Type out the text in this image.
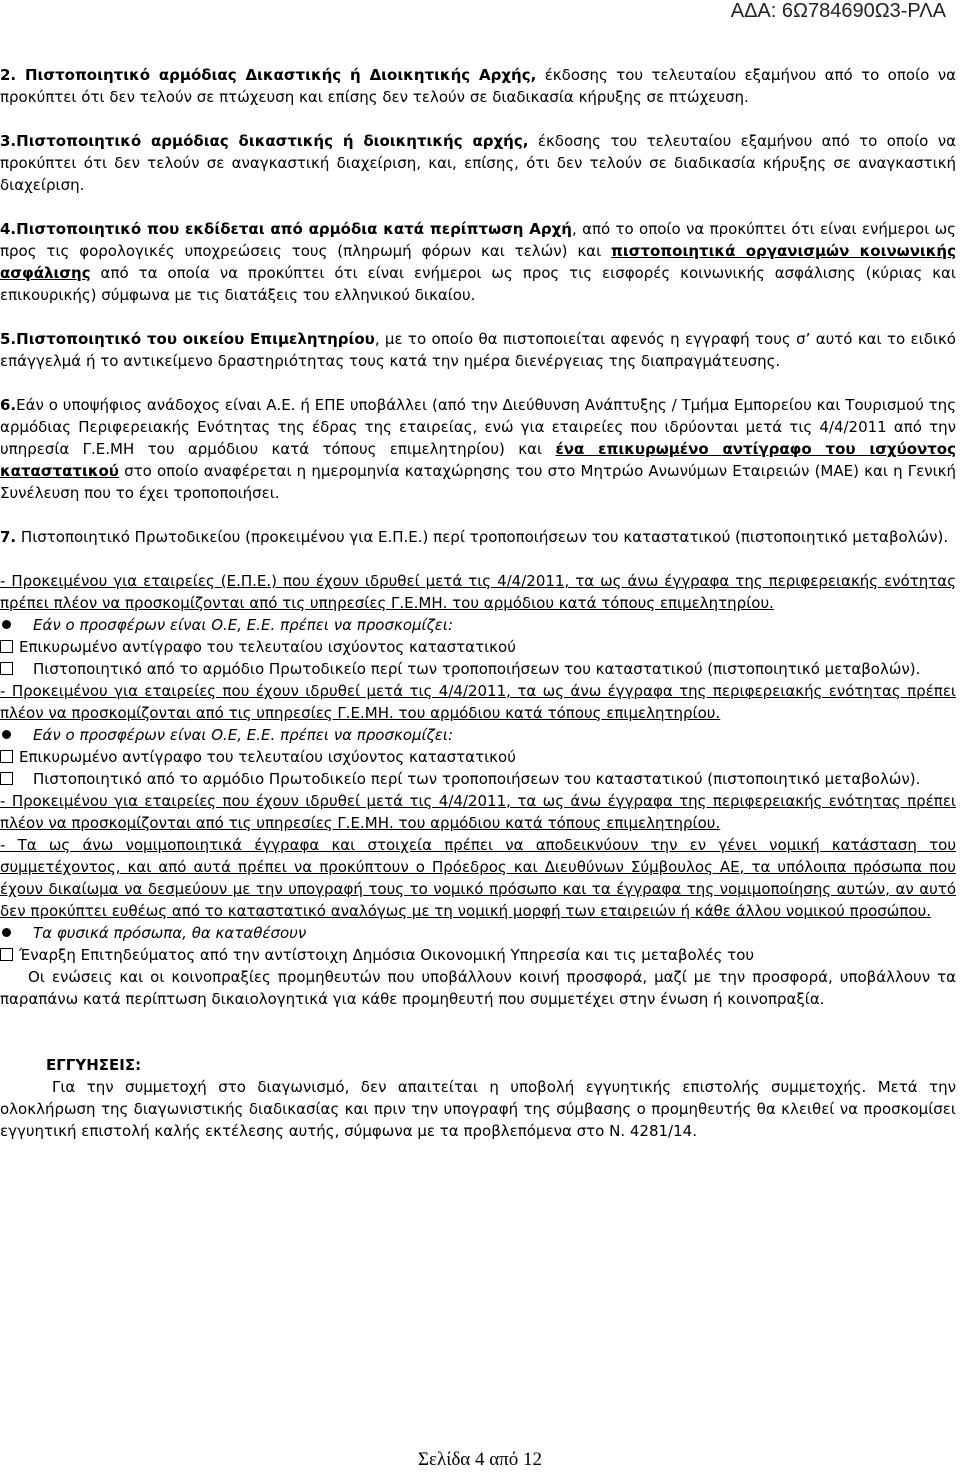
ΑΔΑ: 6Ω784690Ω3-ΡΛΑ

2. Πιστοποιητικό αρμόδιας Δικαστικής ή Διοικητικής Αρχής, έκδοσης του τελευταίου εξαμήνου από το οποίο να προκύπτει ότι δεν τελούν σε πτώχευση και επίσης δεν τελούν σε διαδικασία κήρυξης σε πτώχευση.

3.Πιστοποιητικό αρμόδιας δικαστικής ή διοικητικής αρχής, έκδοσης του τελευταίου εξαμήνου από το οποίο να προκύπτει ότι δεν τελούν σε αναγκαστική διαχείριση, και, επίσης, ότι δεν τελούν σε διαδικασία κήρυξης σε αναγκαστική διαχείριση.

4.Πιστοποιητικό που εκδίδεται από αρμόδια κατά περίπτωση Αρχή, από το οποίο να προκύπτει ότι είναι ενήμεροι ως προς τις φορολογικές υποχρεώσεις τους (πληρωμή φόρων και τελών) και πιστοποιητικά οργανισμών κοινωνικής ασφάλισης από τα οποία να προκύπτει ότι είναι ενήμεροι ως προς τις εισφορές κοινωνικής ασφάλισης (κύριας και επικουρικής) σύμφωνα με τις διατάξεις του ελληνικού δικαίου.

5.Πιστοποιητικό του οικείου Επιμελητηρίου, με το οποίο θα πιστοποιείται αφενός η εγγραφή τους σ’ αυτό και το ειδικό επάγγελμά ή το αντικείμενο δραστηριότητας τους κατά την ημέρα διενέργειας της διαπραγμάτευσης.

6.Εάν ο υποψήφιος ανάδοχος είναι Α.Ε. ή ΕΠΕ υποβάλλει (από την Διεύθυνση Ανάπτυξης / Τμήμα Εμπορείου και Τουρισμού της αρμόδιας Περιφερειακής Ενότητας της έδρας της εταιρείας, ενώ για εταιρείες που ιδρύονται μετά τις 4/4/2011 από την υπηρεσία Γ.Ε.ΜΗ του αρμόδιου κατά τόπους επιμελητηρίου) και ένα επικυρωμένο αντίγραφο του ισχύοντος καταστατικού στο οποίο αναφέρεται η ημερομηνία καταχώρησης του στο Μητρώο Ανωνύμων Εταιρειών (ΜΑΕ) και η Γενική Συνέλευση που το έχει τροποποιήσει.

7. Πιστοποιητικό Πρωτοδικείου (προκειμένου για Ε.Π.Ε.) περί τροποποιήσεων του καταστατικού (πιστοποιητικό μεταβολών).

- Προκειμένου για εταιρείες (Ε.Π.Ε.) που έχουν ιδρυθεί μετά τις 4/4/2011, τα ως άνω έγγραφα της περιφερειακής ενότητας πρέπει πλέον να προσκομίζονται από τις υπηρεσίες Γ.Ε.ΜΗ. του αρμόδιου κατά τόπους επιμελητηρίου.

Εάν ο προσφέρων είναι Ο.Ε, Ε.Ε. πρέπει να προσκομίζει:

Επικυρωμένο αντίγραφο του τελευταίου ισχύοντος καταστατικού

Πιστοποιητικό από το αρμόδιο Πρωτοδικείο περί των τροποποιήσεων του καταστατικού (πιστοποιητικό μεταβολών).

- Προκειμένου για εταιρείες που έχουν ιδρυθεί μετά τις 4/4/2011, τα ως άνω έγγραφα της περιφερειακής ενότητας πρέπει πλέον να προσκομίζονται από τις υπηρεσίες Γ.Ε.ΜΗ. του αρμόδιου κατά τόπους επιμελητηρίου.

Εάν ο προσφέρων είναι Ο.Ε, Ε.Ε. πρέπει να προσκομίζει:

Επικυρωμένο αντίγραφο του τελευταίου ισχύοντος καταστατικού

Πιστοποιητικό από το αρμόδιο Πρωτοδικείο περί των τροποποιήσεων του καταστατικού (πιστοποιητικό μεταβολών).

- Προκειμένου για εταιρείες που έχουν ιδρυθεί μετά τις 4/4/2011, τα ως άνω έγγραφα της περιφερειακής ενότητας πρέπει πλέον να προσκομίζονται από τις υπηρεσίες Γ.Ε.ΜΗ. του αρμόδιου κατά τόπους επιμελητηρίου.

- Τα ως άνω νομιμοποιητικά έγγραφα και στοιχεία πρέπει να αποδεικνύουν την εν γένει νομική κατάσταση του συμμετέχοντος, και από αυτά πρέπει να προκύπτουν ο Πρόεδρος και Διευθύνων Σύμβουλος ΑΕ, τα υπόλοιπα πρόσωπα που έχουν δικαίωμα να δεσμεύουν με την υπογραφή τους το νομικό πρόσωπο και τα έγγραφα της νομιμοποίησης αυτών, αν αυτό δεν προκύπτει ευθέως από το καταστατικό αναλόγως με τη νομική μορφή των εταιρειών ή κάθε άλλου νομικού προσώπου.

Τα φυσικά πρόσωπα, θα καταθέσουν

Έναρξη Επιτηδεύματος από την αντίστοιχη Δημόσια Οικονομική Υπηρεσία και τις μεταβολές του

Οι ενώσεις και οι κοινοπραξίες προμηθευτών που υποβάλλουν κοινή προσφορά, μαζί με την προσφορά, υποβάλλουν τα παραπάνω κατά περίπτωση δικαιολογητικά για κάθε προμηθευτή που συμμετέχει στην ένωση ή κοινοπραξία.

ΕΓΓΥΗΣΕΙΣ:

Για την συμμετοχή στο διαγωνισμό, δεν απαιτείται η υποβολή εγγυητικής επιστολής συμμετοχής. Μετά την ολοκλήρωση της διαγωνιστικής διαδικασίας και πριν την υπογραφή της σύμβασης ο προμηθευτής θα κλειθεί να προσκομίσει εγγυητική επιστολή καλής εκτέλεσης αυτής, σύμφωνα με τα προβλεπόμενα στο Ν. 4281/14.

Σελίδα 4 από 12
